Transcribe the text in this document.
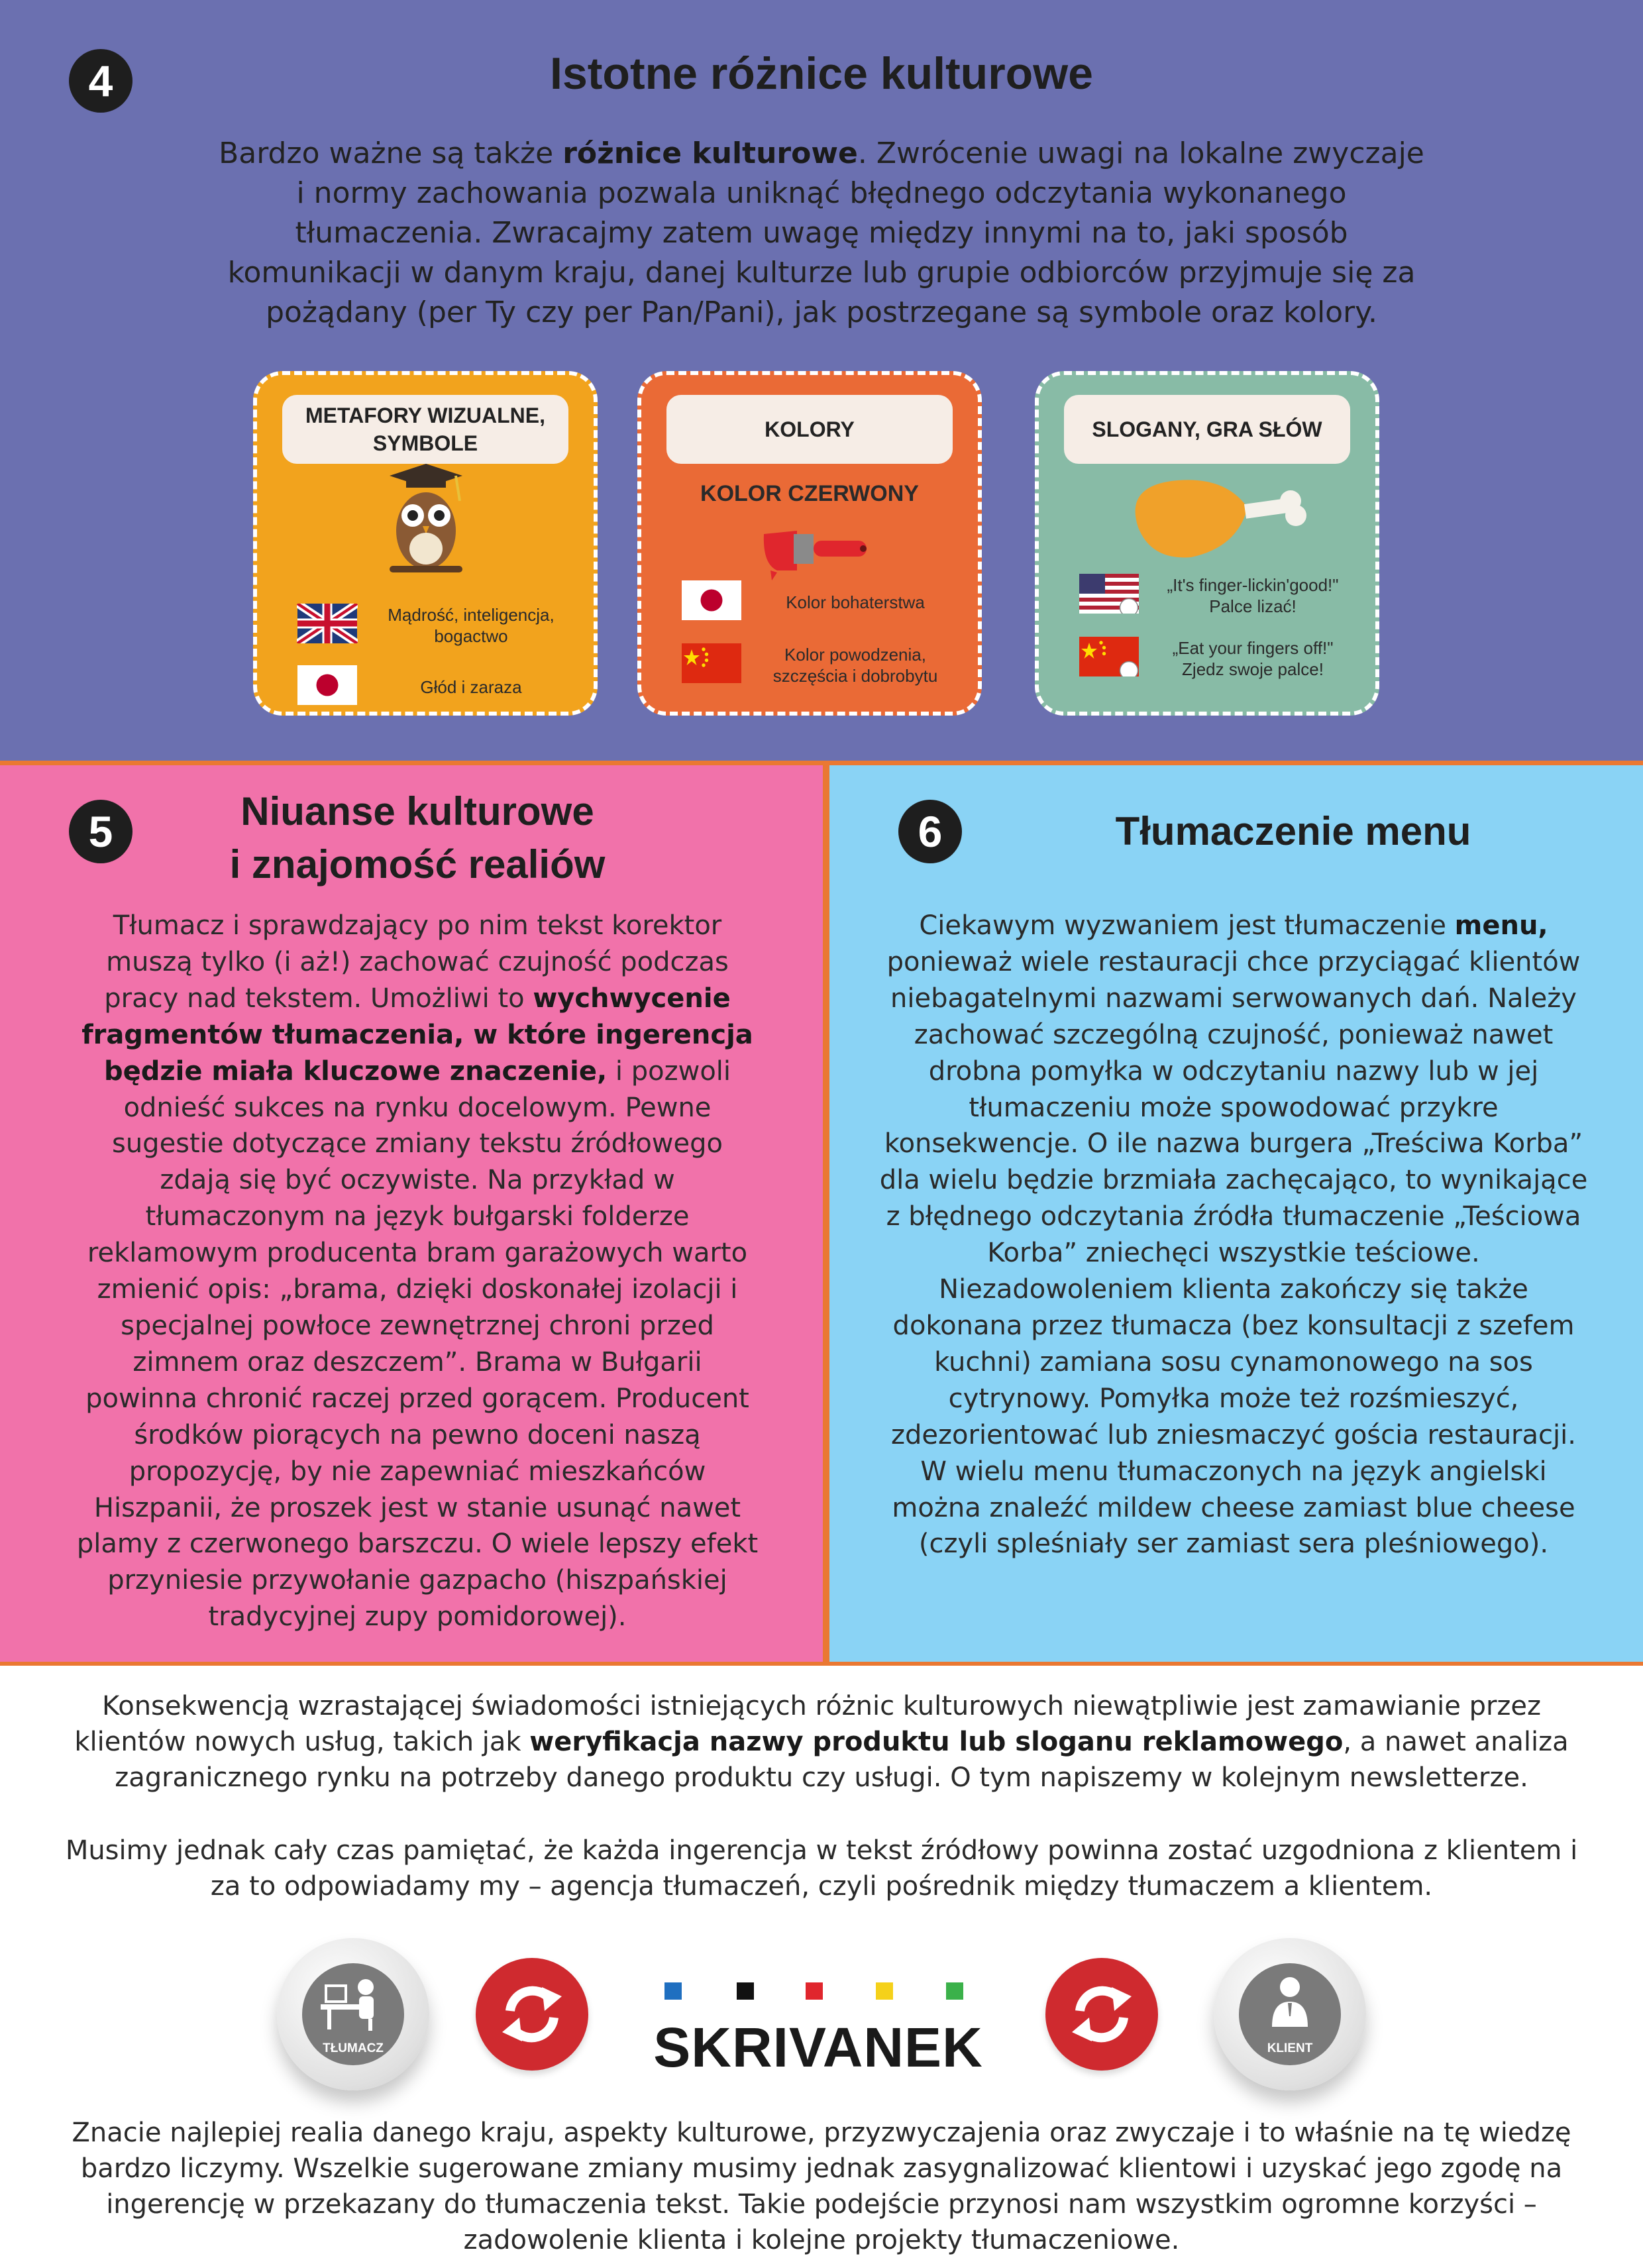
4	Istotne różnice kulturowe
Bardzo ważne są także różnice kulturowe. Zwrócenie uwagi na lokalne zwyczaje i normy zachowania pozwala uniknąć błędnego odczytania wykonanego tłumaczenia. Zwracajmy zatem uwagę między innymi na to, jaki sposób komunikacji w danym kraju, danej kulturze lub grupie odbiorców przyjmuje się za pożądany (per Ty czy per Pan/Pani), jak postrzegane są symbole oraz kolory.
METAFORY WIZUALNE, SYMBOLE
Mądrość, inteligencja, bogactwo
Głód i zaraza
KOLORY
KOLOR CZERWONY
Kolor bohaterstwa
Kolor powodzenia, szczęścia i dobrobytu
SLOGANY, GRA SŁÓW
„It's finger-lickin'good!" Palce lizać!
„Eat your fingers off!" Zjedz swoje palce!
5	Niuanse kulturowe
i znajomość realiów
Tłumacz i sprawdzający po nim tekst korektor muszą tylko (i aż!) zachować czujność podczas pracy nad tekstem. Umożliwi to wychwycenie fragmentów tłumaczenia, w które ingerencja będzie miała kluczowe znaczenie, i pozwoli odnieść sukces na rynku docelowym. Pewne sugestie dotyczące zmiany tekstu źródłowego zdają się być oczywiste. Na przykład w tłumaczonym na język bułgarski folderze reklamowym producenta bram garażowych warto zmienić opis: „brama, dzięki doskonałej izolacji i specjalnej powłoce zewnętrznej chroni przed zimnem oraz deszczem”. Brama w Bułgarii powinna chronić raczej przed gorącem. Producent środków piorących na pewno doceni naszą propozycję, by nie zapewniać mieszkańców Hiszpanii, że proszek jest w stanie usunąć nawet plamy z czerwonego barszczu. O wiele lepszy efekt przyniesie przywołanie gazpacho (hiszpańskiej tradycyjnej zupy pomidorowej).
6	Tłumaczenie menu
Ciekawym wyzwaniem jest tłumaczenie menu, ponieważ wiele restauracji chce przyciągać klientów niebagatelnymi nazwami serwowanych dań. Należy zachować szczególną czujność, ponieważ nawet drobna pomyłka w odczytaniu nazwy lub w jej tłumaczeniu może spowodować przykre konsekwencje. O ile nazwa burgera „Treściwa Korba” dla wielu będzie brzmiała zachęcająco, to wynikające z błędnego odczytania źródła tłumaczenie „Teściowa Korba” zniechęci wszystkie teściowe. Niezadowoleniem klienta zakończy się także dokonana przez tłumacza (bez konsultacji z szefem kuchni) zamiana sosu cynamonowego na sos cytrynowy. Pomyłka może też rozśmieszyć, zdezorientować lub zniesmaczyć gościa restauracji. W wielu menu tłumaczonych na język angielski można znaleźć mildew cheese zamiast blue cheese (czyli spleśniały ser zamiast sera pleśniowego).
Konsekwencją wzrastającej świadomości istniejących różnic kulturowych niewątpliwie jest zamawianie przez klientów nowych usług, takich jak weryfikacja nazwy produktu lub sloganu reklamowego, a nawet analiza zagranicznego rynku na potrzeby danego produktu czy usługi. O tym napiszemy w kolejnym newsletterze.
Musimy jednak cały czas pamiętać, że każda ingerencja w tekst źródłowy powinna zostać uzgodniona z klientem i za to odpowiadamy my – agencja tłumaczeń, czyli pośrednik między tłumaczem a klientem.
TŁUMACZ	SKRIVANEK	KLIENT
Znacie najlepiej realia danego kraju, aspekty kulturowe, przyzwyczajenia oraz zwyczaje i to właśnie na tę wiedzę bardzo liczymy. Wszelkie sugerowane zmiany musimy jednak zasygnalizować klientowi i uzyskać jego zgodę na ingerencję w przekazany do tłumaczenia tekst. Takie podejście przynosi nam wszystkim ogromne korzyści – zadowolenie klienta i kolejne projekty tłumaczeniowe.
